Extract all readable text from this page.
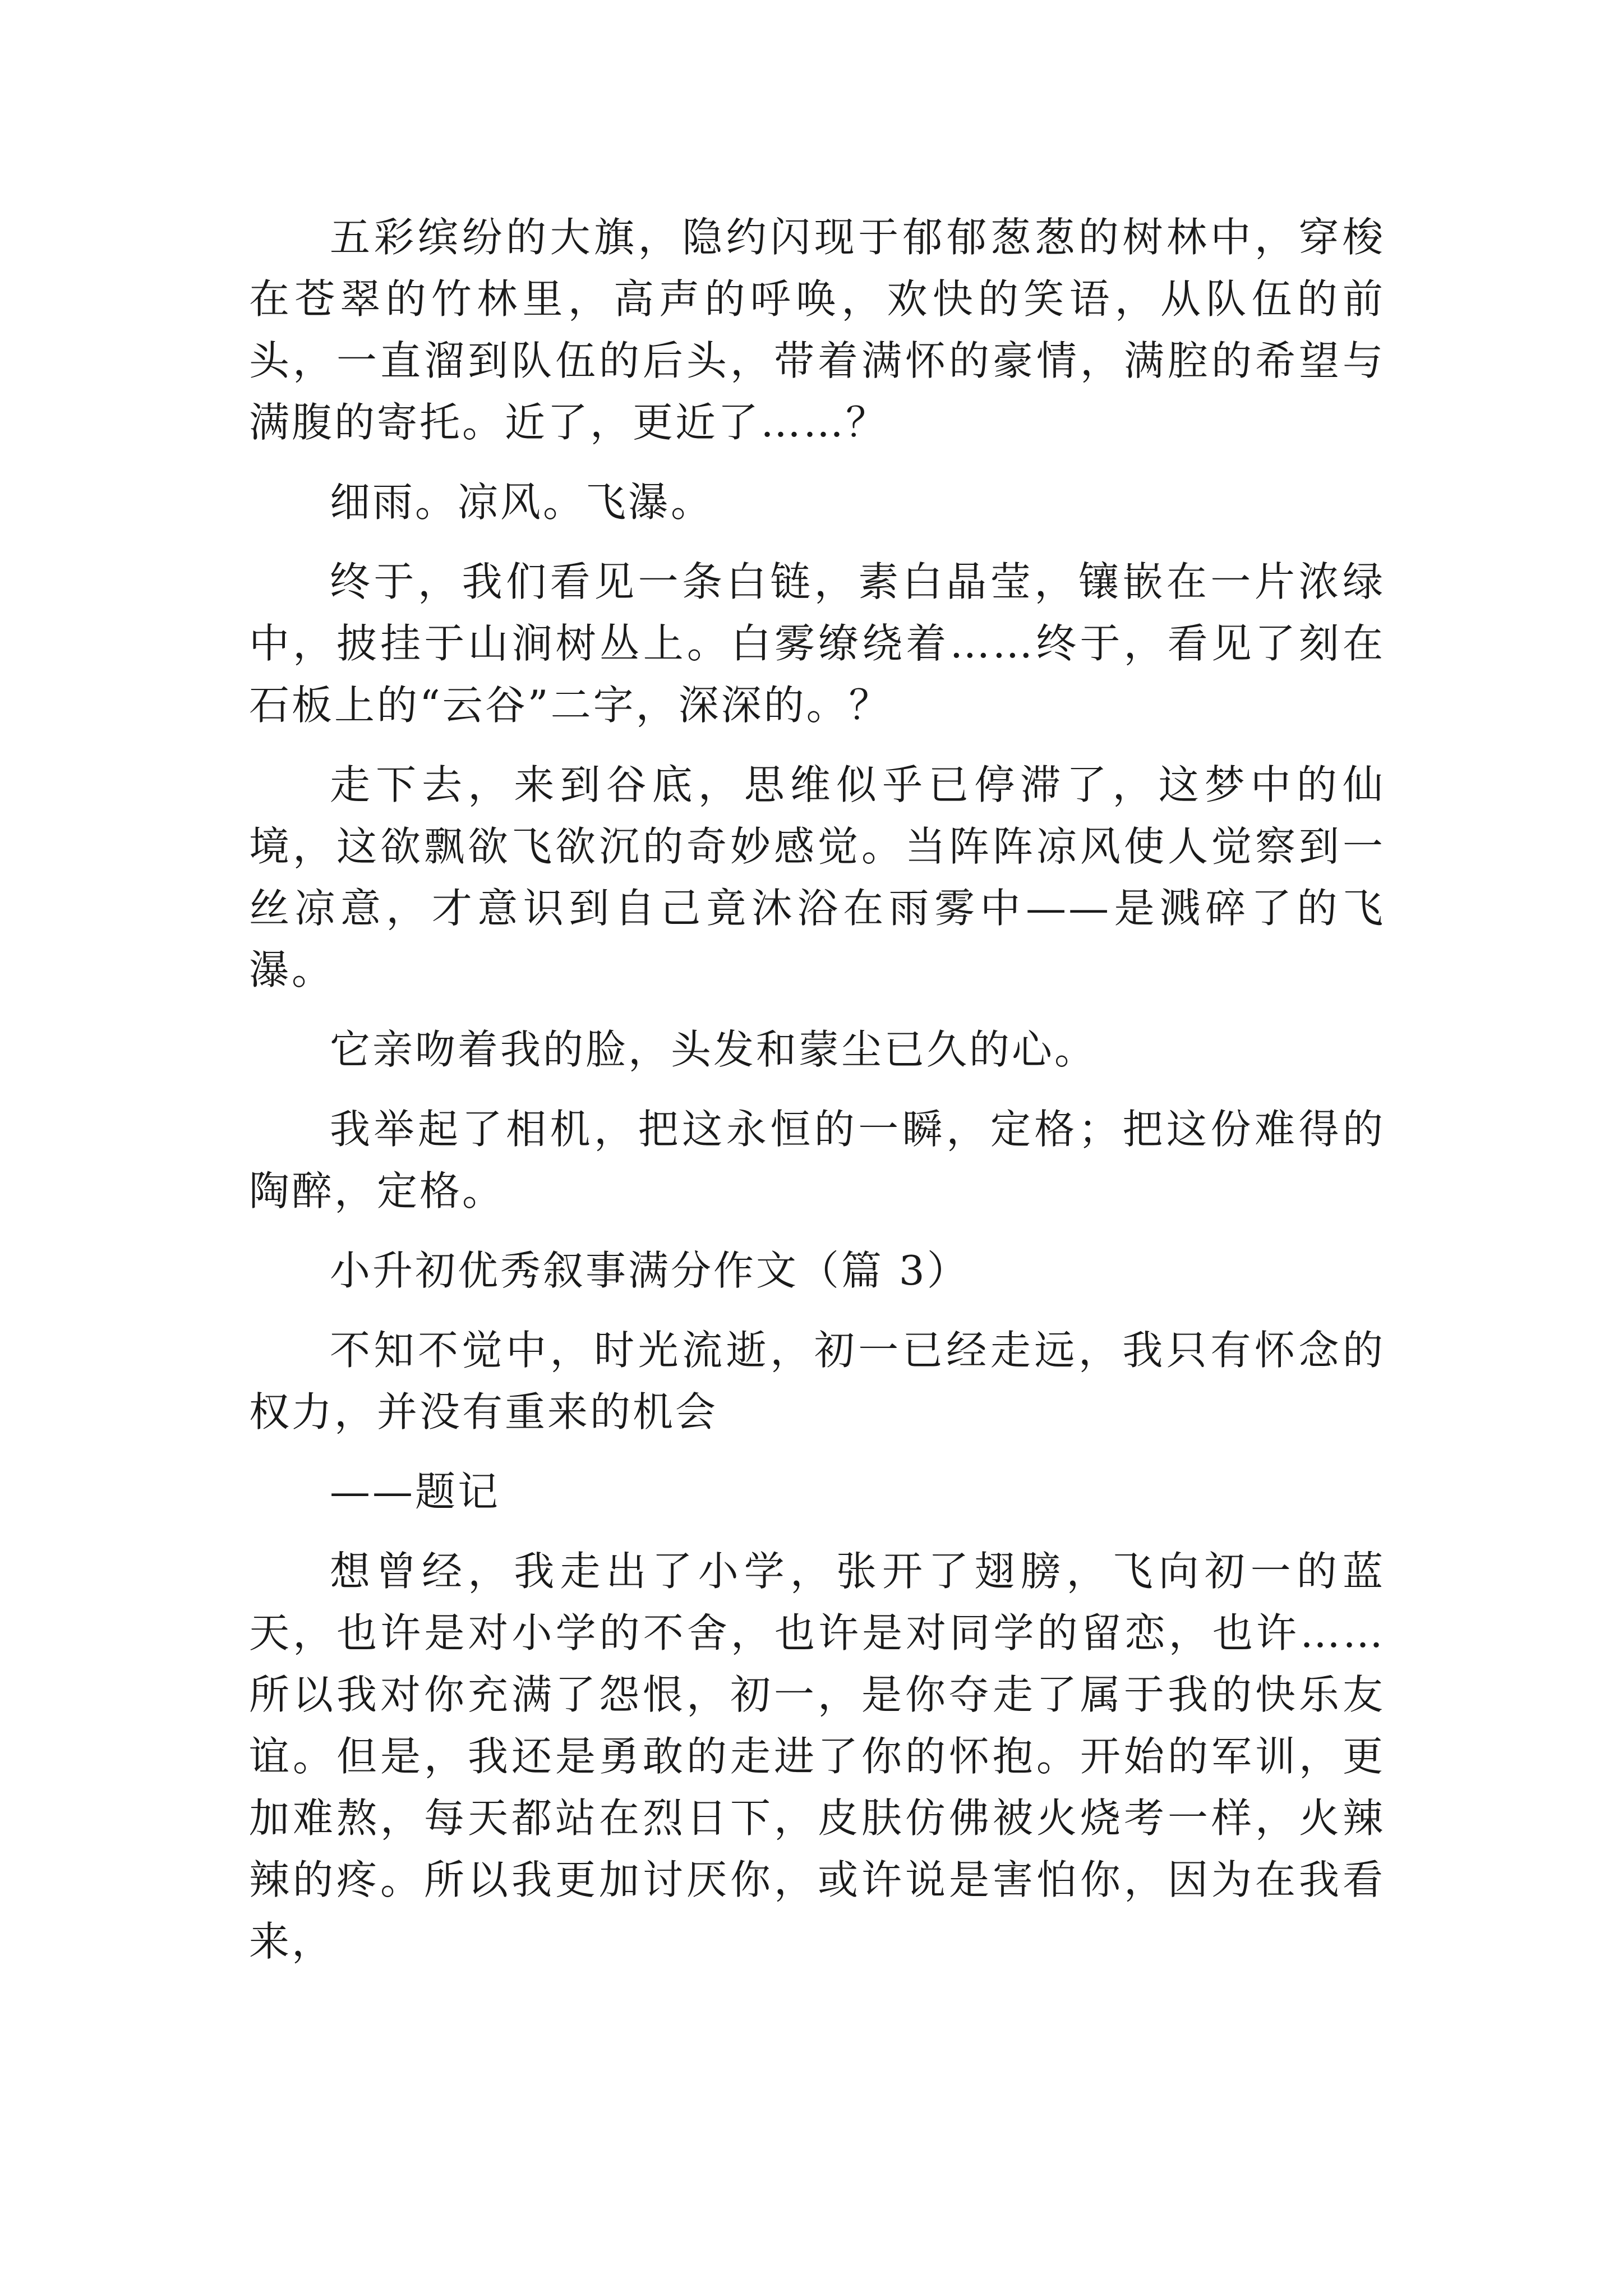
五彩缤纷的大旗，隐约闪现于郁郁葱葱的树林中，穿梭在苍翠的竹林里，高声的呼唤，欢快的笑语，从队伍的前头，一直溜到队伍的后头，带着满怀的豪情，满腔的希望与满腹的寄托。近了，更近了……？

细雨。凉风。飞瀑。

终于，我们看见一条白链，素白晶莹，镶嵌在一片浓绿中，披挂于山涧树丛上。白雾缭绕着……终于，看见了刻在石板上的“云谷”二字，深深的。？

走下去，来到谷底，思维似乎已停滞了，这梦中的仙境，这欲飘欲飞欲沉的奇妙感觉。当阵阵凉风使人觉察到一丝凉意，才意识到自己竟沐浴在雨雾中——是溅碎了的飞瀑。

它亲吻着我的脸，头发和蒙尘已久的心。

我举起了相机，把这永恒的一瞬，定格；把这份难得的陶醉，定格。

小升初优秀叙事满分作文（篇 3）

不知不觉中，时光流逝，初一已经走远，我只有怀念的权力，并没有重来的机会

——题记

想曾经，我走出了小学，张开了翅膀，飞向初一的蓝天，也许是对小学的不舍，也许是对同学的留恋，也许……所以我对你充满了怨恨，初一，是你夺走了属于我的快乐友谊。但是，我还是勇敢的走进了你的怀抱。开始的军训，更加难熬，每天都站在烈日下，皮肤仿佛被火烧考一样，火辣辣的疼。所以我更加讨厌你，或许说是害怕你，因为在我看来，
